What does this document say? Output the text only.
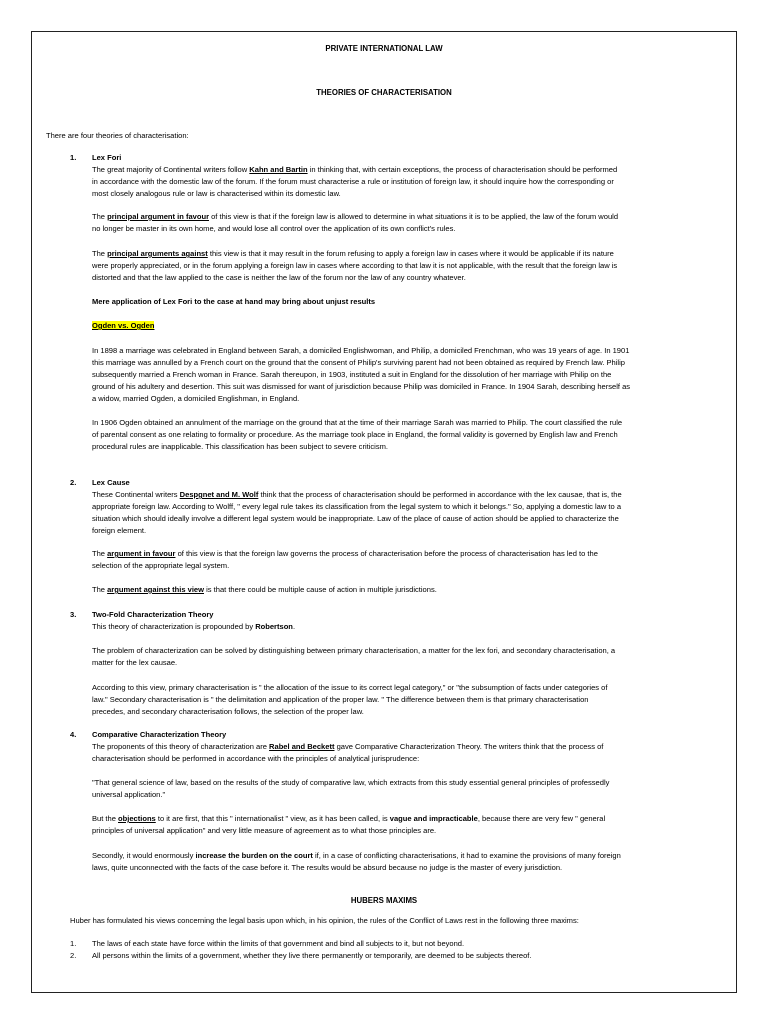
PRIVATE INTERNATIONAL LAW
THEORIES OF CHARACTERISATION
There are four theories of characterisation:
1. Lex Fori
The great majority of Continental writers follow Kahn and Bartin in thinking that, with certain exceptions, the process of characterisation should be performed
in accordance with the domestic law of the forum. If the forum must characterise a rule or institution of foreign law, it should inquire how the corresponding or
most closely analogous rule or law is characterised within its domestic law.
The principal argument in favour of this view is that if the foreign law is allowed to determine in what situations it is to be applied, the law of the forum would
no longer be master in its own home, and would lose all control over the application of its own conflict's rules.
The principal arguments against this view is that it may result in the forum refusing to apply a foreign law in cases where it would be applicable if its nature
were properly appreciated, or in the forum applying a foreign law in cases where according to that law it is not applicable, with the result that the foreign law is
distorted and that the law applied to the case is neither the law of the forum nor the law of any country whatever.
Mere application of Lex Fori to the case at hand may bring about unjust results
Ogden vs. Ogden
In 1898 a marriage was celebrated in England between Sarah, a domiciled Englishwoman, and Philip, a domiciled Frenchman, who was 19 years of age. In 1901
this marriage was annulled by a French court on the ground that the consent of Philip's surviving parent had not been obtained as required by French law. Philip
subsequently married a French woman in France. Sarah thereupon, in 1903, instituted a suit in England for the dissolution of her marriage with Philip on the
ground of his adultery and desertion. This suit was dismissed for want of jurisdiction because Philip was domiciled in France. In 1904 Sarah, describing herself as
a widow, married Ogden, a domiciled Englishman, in England.
In 1906 Ogden obtained an annulment of the marriage on the ground that at the time of their marriage Sarah was married to Philip. The court classified the rule
of parental consent as one relating to formality or procedure. As the marriage took place in England, the formal validity is governed by English law and French
procedural rules are inapplicable. This classification has been subject to severe criticism.
2. Lex Cause
These Continental writers Despgnet and M. Wolf think that the process of characterisation should be performed in accordance with the lex causae, that is, the
appropriate foreign law. According to Wolff, " every legal rule takes its classification from the legal system to which it belongs." So, applying a domestic law to a
situation which should ideally involve a different legal system would be inappropriate. Law of the place of cause of action should be applied to characterize the
foreign element.
The argument in favour of this view is that the foreign law governs the process of characterisation before the process of characterisation has led to the
selection of the appropriate legal system.
The argument against this view is that there could be multiple cause of action in multiple jurisdictions.
3. Two-Fold Characterization Theory
This theory of characterization is propounded by Robertson.
The problem of characterization can be solved by distinguishing between primary characterisation, a matter for the lex fori, and secondary characterisation, a
matter for the lex causae.
According to this view, primary characterisation is " the allocation of the issue to its correct legal category," or "the subsumption of facts under categories of
law." Secondary characterisation is " the delimitation and application of the proper law. " The difference between them is that primary characterisation
precedes, and secondary characterisation follows, the selection of the proper law.
4. Comparative Characterization Theory
The proponents of this theory of characterization are Rabel and Beckett gave Comparative Characterization Theory. The writers think that the process of
characterisation should be performed in accordance with the principles of analytical jurisprudence:
"That general science of law, based on the results of the study of comparative law, which extracts from this study essential general principles of professedly
universal application."
But the objections to it are first, that this " internationalist " view, as it has been called, is vague and impracticable, because there are very few " general
principles of universal application" and very little measure of agreement as to what those principles are.
Secondly, it would enormously increase the burden on the court if, in a case of conflicting characterisations, it had to examine the provisions of many foreign
laws, quite unconnected with the facts of the case before it. The results would be absurd because no judge is the master of every jurisdiction.
HUBERS MAXIMS
Huber has formulated his views concerning the legal basis upon which, in his opinion, the rules of the Conflict of Laws rest in the following three maxims:
1. The laws of each state have force within the limits of that government and bind all subjects to it, but not beyond.
2. All persons within the limits of a government, whether they live there permanently or temporarily, are deemed to be subjects thereof.
